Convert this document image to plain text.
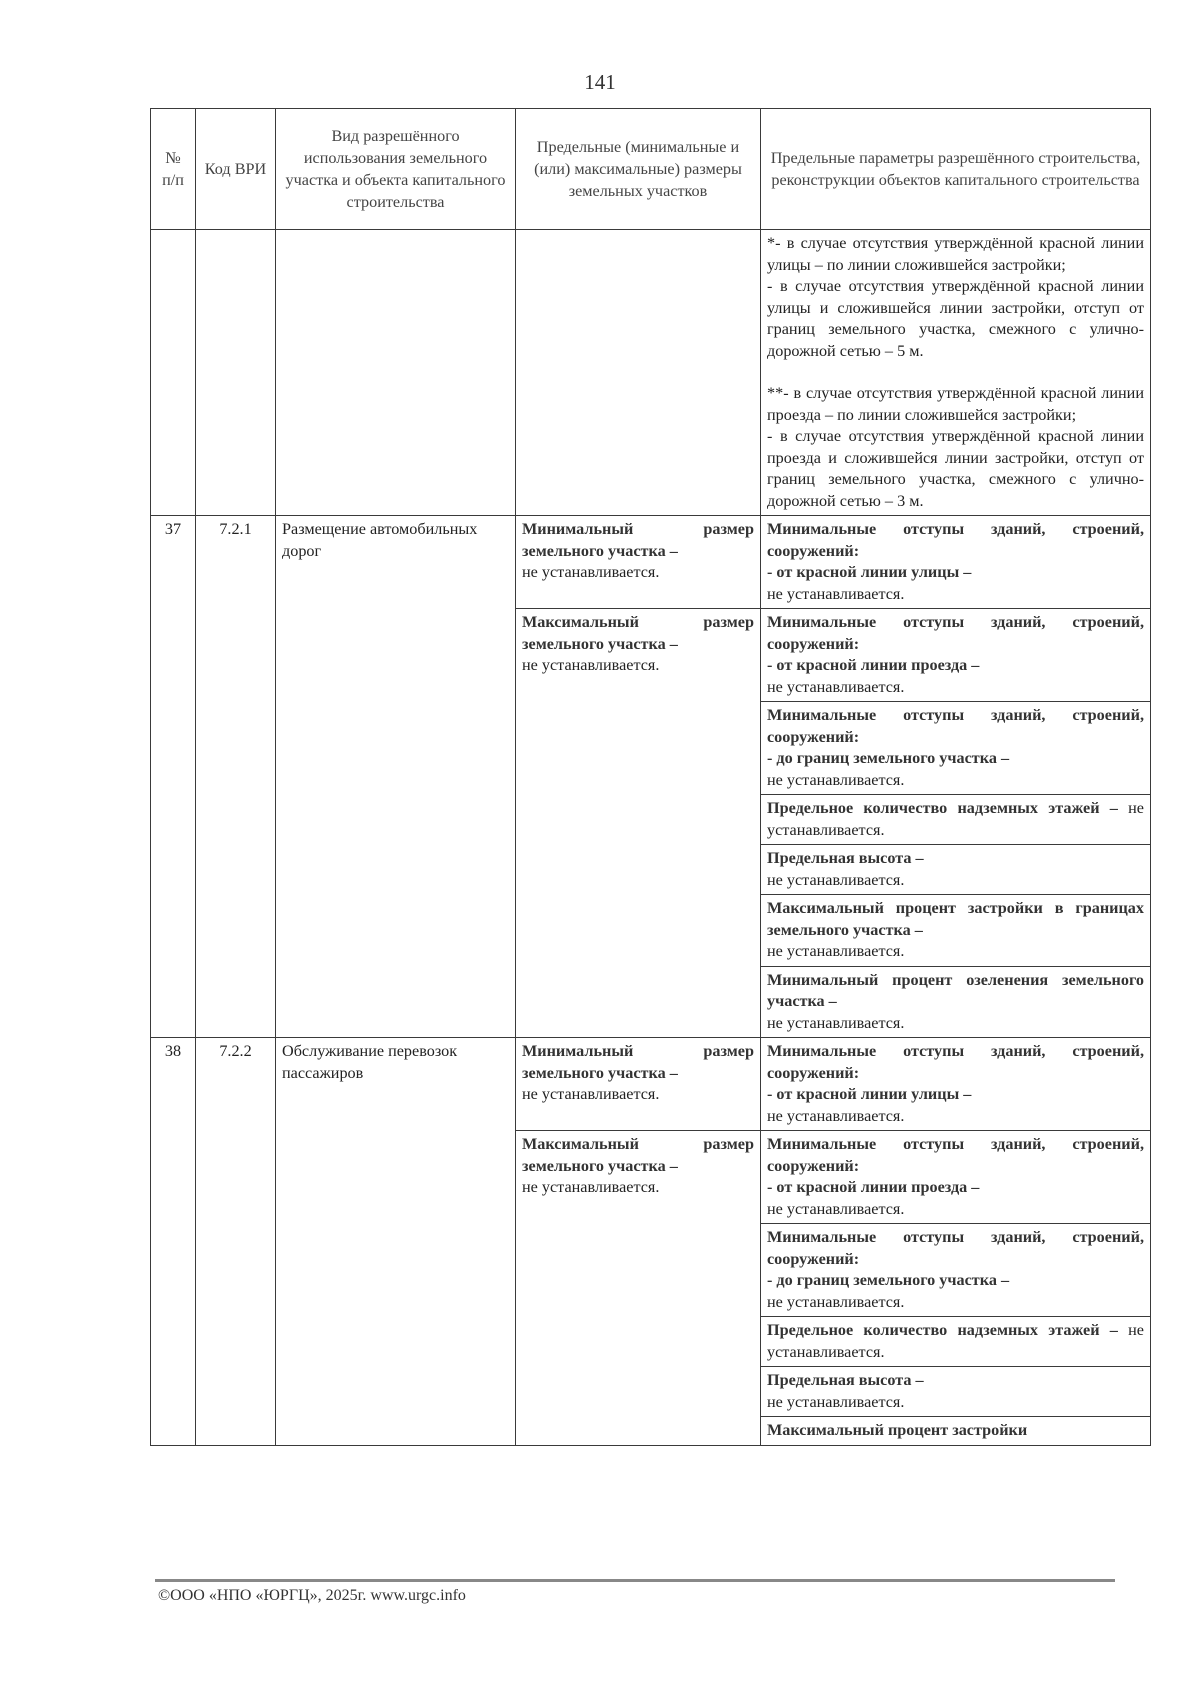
141
№ п/п	Код ВРИ	Вид разрешённого использования земельного участка и объекта капитального строительства	Предельные (минимальные и (или) максимальные) размеры земельных участков	Предельные параметры разрешённого строительства, реконструкции объектов капитального строительства

				*- в случае отсутствия утверждённой красной линии улицы – по линии сложившейся застройки;
- в случае отсутствия утверждённой красной линии улицы и сложившейся линии застройки, отступ от границ земельного участка, смежного с улично-дорожной сетью – 5 м.
**- в случае отсутствия утверждённой красной линии проезда – по линии сложившейся застройки;
- в случае отсутствия утверждённой красной линии проезда и сложившейся линии застройки, отступ от границ земельного участка, смежного с улично-дорожной сетью – 3 м.

37	7.2.1	Размещение автомобильных дорог	Минимальный размер земельного участка –
не устанавливается.	Минимальные отступы зданий, строений, сооружений:
- от красной линии улицы –
не устанавливается.
			Максимальный размер земельного участка –
не устанавливается.	Минимальные отступы зданий, строений, сооружений:
- от красной линии проезда –
не устанавливается.
				Минимальные отступы зданий, строений, сооружений:
- до границ земельного участка –
не устанавливается.
				Предельное количество надземных этажей – не устанавливается.
				Предельная высота –
не устанавливается.
				Максимальный процент застройки в границах земельного участка –
не устанавливается.
				Минимальный процент озеленения земельного участка –
не устанавливается.
38	7.2.2	Обслуживание перевозок пассажиров	Минимальный размер земельного участка –
не устанавливается.	Минимальные отступы зданий, строений, сооружений:
- от красной линии улицы –
не устанавливается.
			Максимальный размер земельного участка –
не устанавливается.	Минимальные отступы зданий, строений, сооружений:
- от красной линии проезда –
не устанавливается.
				Минимальные отступы зданий, строений, сооружений:
- до границ земельного участка –
не устанавливается.
				Предельное количество надземных этажей – не устанавливается.
				Предельная высота –
не устанавливается.
				Максимальный процент застройки
©ООО «НПО «ЮРГЦ», 2025г. www.urgc.info
